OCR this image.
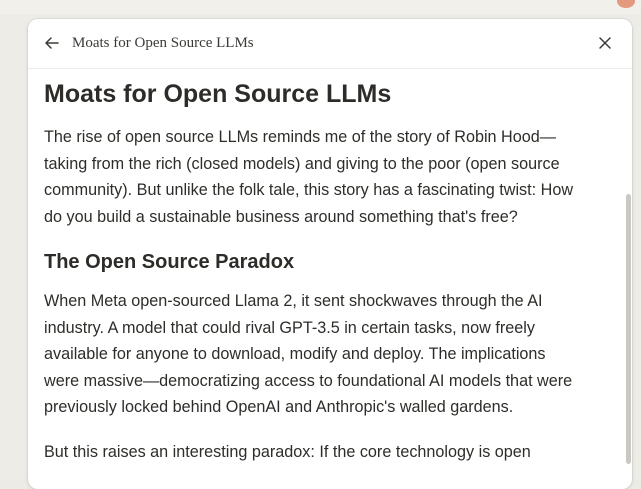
Moats for Open Source LLMs
Moats for Open Source LLMs

The rise of open source LLMs reminds me of the story of Robin Hood—taking from the rich (closed models) and giving to the poor (open source community). But unlike the folk tale, this story has a fascinating twist: How do you build a sustainable business around something that's free?

The Open Source Paradox

When Meta open-sourced Llama 2, it sent shockwaves through the AI industry. A model that could rival GPT-3.5 in certain tasks, now freely available for anyone to download, modify and deploy. The implications were massive—democratizing access to foundational AI models that were previously locked behind OpenAI and Anthropic's walled gardens.

But this raises an interesting paradox: If the core technology is open
